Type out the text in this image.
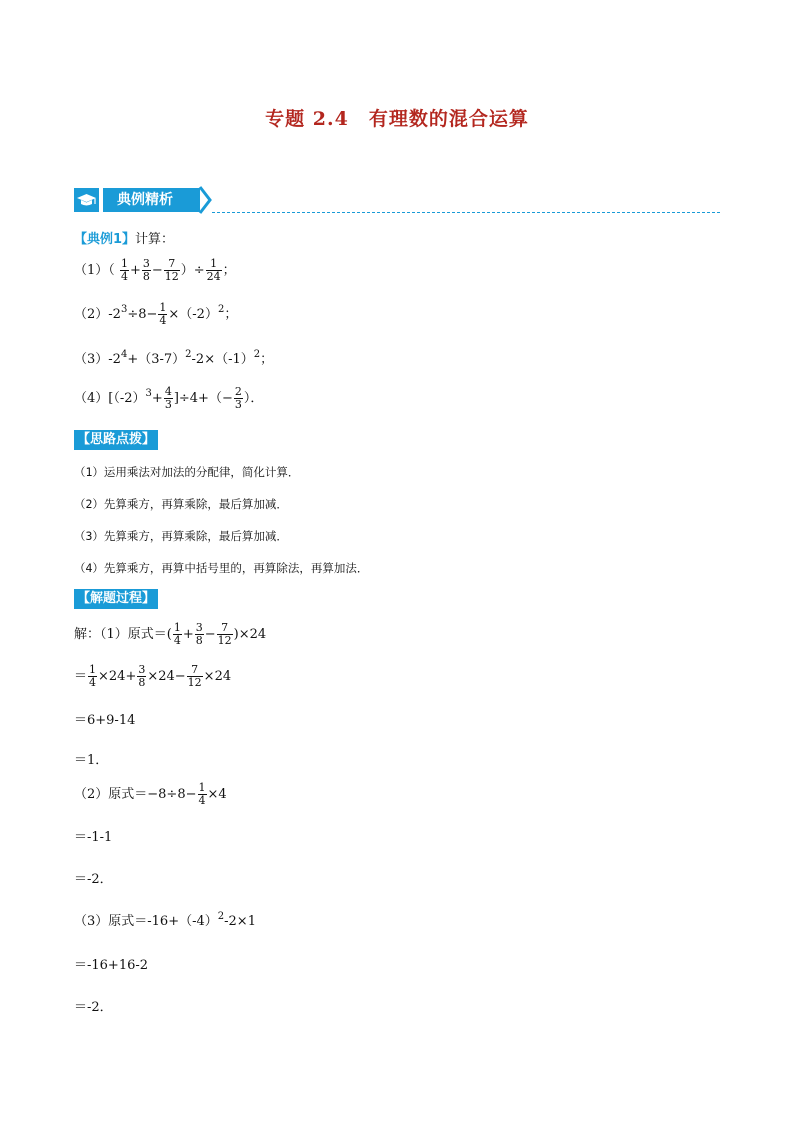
专题 2.4　有理数的混合运算
典例精析
【典例1】计算：
$(1)( \frac{1}{4} + \frac{3}{8} - \frac{7}{12}$ ）÷ $\frac{1}{24}$ ；
$(2)-2^3\div 8- \frac{1}{4} \times(-2)^2$；
$(3)-2^4+(3-7)^2-2\times(-1)^2$；
$(4)[(-2)^3+ \frac{4}{3} ]\div 4+(- \frac{2}{3}$ ）．
【思路点拨】
（1）运用乘法对加法的分配律，简化计算．
（2）先算乘方，再算乘除，最后算加减．
（3）先算乘方，再算乘除，最后算加减．
（4）先算乘方，再算中括号里的，再算除法，再算加法．
【解题过程】
解：（1）原式＝( $\frac{1}{4} + \frac{3}{8} - \frac{7}{12} )\times 24$
＝ $\frac{1}{4} \times 24+ \frac{3}{8} \times 24- \frac{7}{12} \times 24$
＝6+9-14
＝1．
（2）原式$=-8\div 8- \frac{1}{4} \times 4$
＝-1-1
＝-2．
（3）原式$=-16+(-4)^2-2\times 1$
＝-16+16-2
＝-2．
